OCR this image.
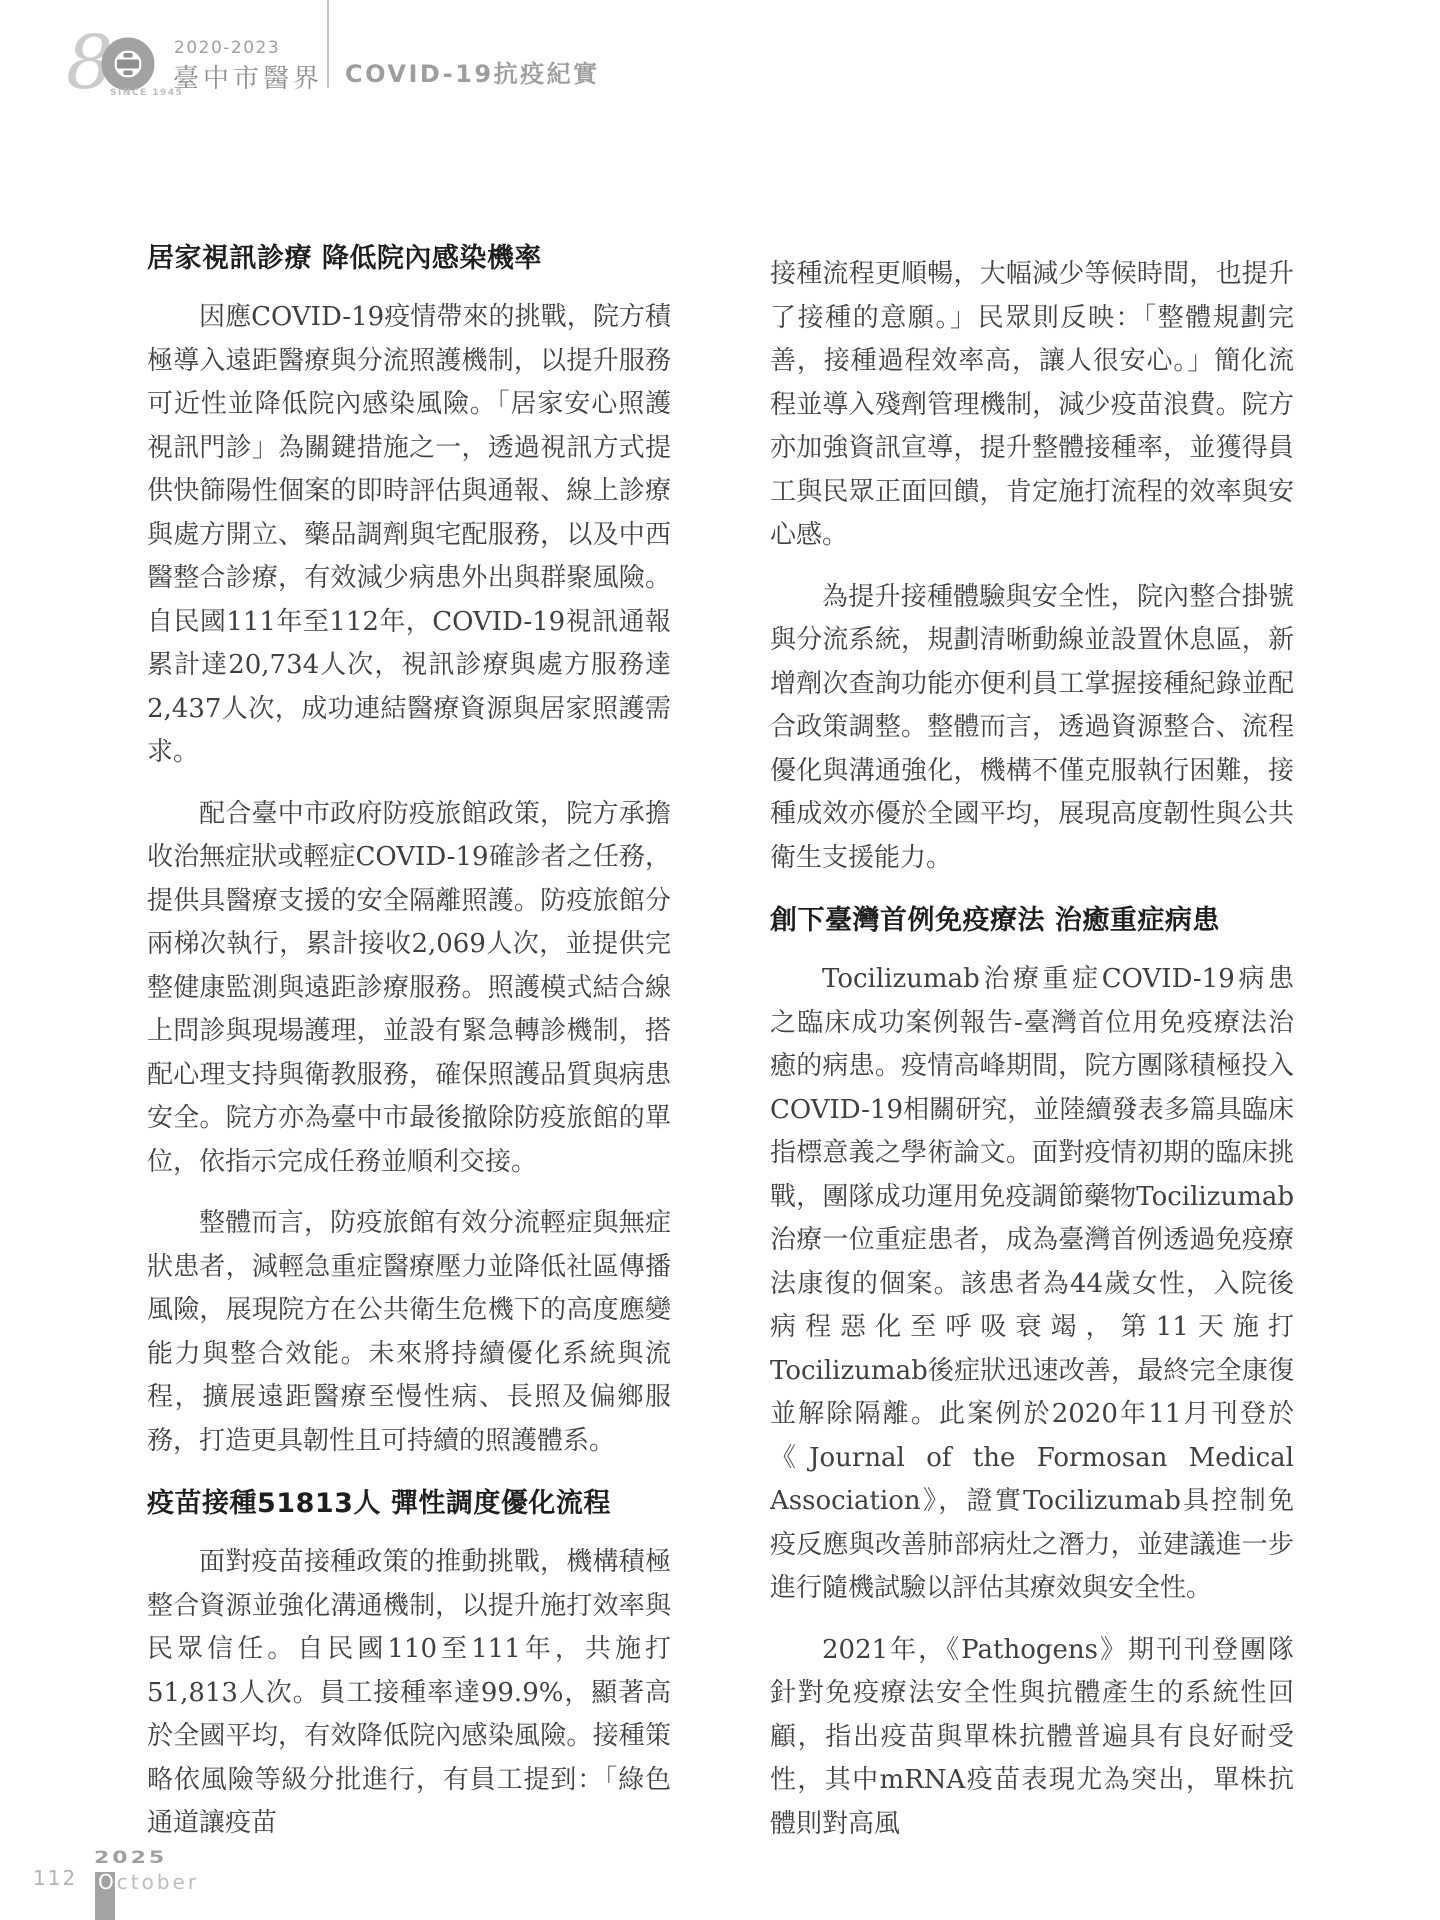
8
SINCE 1945
2020-2023
臺中市醫界 COVID-19抗疫紀實
居家視訊診療 降低院內感染機率

因應COVID-19疫情帶來的挑戰，院方積極導入遠距醫療與分流照護機制，以提升服務可近性並降低院內感染風險。「居家安心照護視訊門診」為關鍵措施之一，透過視訊方式提供快篩陽性個案的即時評估與通報、線上診療與處方開立、藥品調劑與宅配服務，以及中西醫整合診療，有效減少病患外出與群聚風險。自民國111年至112年，COVID-19視訊通報累計達20,734人次，視訊診療與處方服務達2,437人次，成功連結醫療資源與居家照護需求。

配合臺中市政府防疫旅館政策，院方承擔收治無症狀或輕症COVID-19確診者之任務，提供具醫療支援的安全隔離照護。防疫旅館分兩梯次執行，累計接收2,069人次，並提供完整健康監測與遠距診療服務。照護模式結合線上問診與現場護理，並設有緊急轉診機制，搭配心理支持與衛教服務，確保照護品質與病患安全。院方亦為臺中市最後撤除防疫旅館的單位，依指示完成任務並順利交接。

整體而言，防疫旅館有效分流輕症與無症狀患者，減輕急重症醫療壓力並降低社區傳播風險，展現院方在公共衛生危機下的高度應變能力與整合效能。未來將持續優化系統與流程，擴展遠距醫療至慢性病、長照及偏鄉服務，打造更具韌性且可持續的照護體系。

疫苗接種51813人 彈性調度優化流程

面對疫苗接種政策的推動挑戰，機構積極整合資源並強化溝通機制，以提升施打效率與民眾信任。自民國110至111年，共施打51,813人次。員工接種率達99.9%，顯著高於全國平均，有效降低院內感染風險。接種策略依風險等級分批進行，有員工提到：「綠色通道讓疫苗

接種流程更順暢，大幅減少等候時間，也提升了接種的意願。」民眾則反映：「整體規劃完善，接種過程效率高，讓人很安心。」簡化流程並導入殘劑管理機制，減少疫苗浪費。院方亦加強資訊宣導，提升整體接種率，並獲得員工與民眾正面回饋，肯定施打流程的效率與安心感。

為提升接種體驗與安全性，院內整合掛號與分流系統，規劃清晰動線並設置休息區，新增劑次查詢功能亦便利員工掌握接種紀錄並配合政策調整。整體而言，透過資源整合、流程優化與溝通強化，機構不僅克服執行困難，接種成效亦優於全國平均，展現高度韌性與公共衛生支援能力。

創下臺灣首例免疫療法 治癒重症病患

Tocilizumab治療重症COVID-19病患之臨床成功案例報告-臺灣首位用免疫療法治癒的病患。疫情高峰期間，院方團隊積極投入COVID-19相關研究，並陸續發表多篇具臨床指標意義之學術論文。面對疫情初期的臨床挑戰，團隊成功運用免疫調節藥物Tocilizumab治療一位重症患者，成為臺灣首例透過免疫療法康復的個案。該患者為44歲女性，入院後病程惡化至呼吸衰竭，第11天施打Tocilizumab後症狀迅速改善，最終完全康復並解除隔離。此案例於2020年11月刊登於《Journal of the Formosan Medical Association》，證實Tocilizumab具控制免疫反應與改善肺部病灶之潛力，並建議進一步進行隨機試驗以評估其療效與安全性。

2021年，《Pathogens》期刊刊登團隊針對免疫療法安全性與抗體產生的系統性回顧，指出疫苗與單株抗體普遍具有良好耐受性，其中mRNA疫苗表現尤為突出，單株抗體則對高風

112
2025
October
